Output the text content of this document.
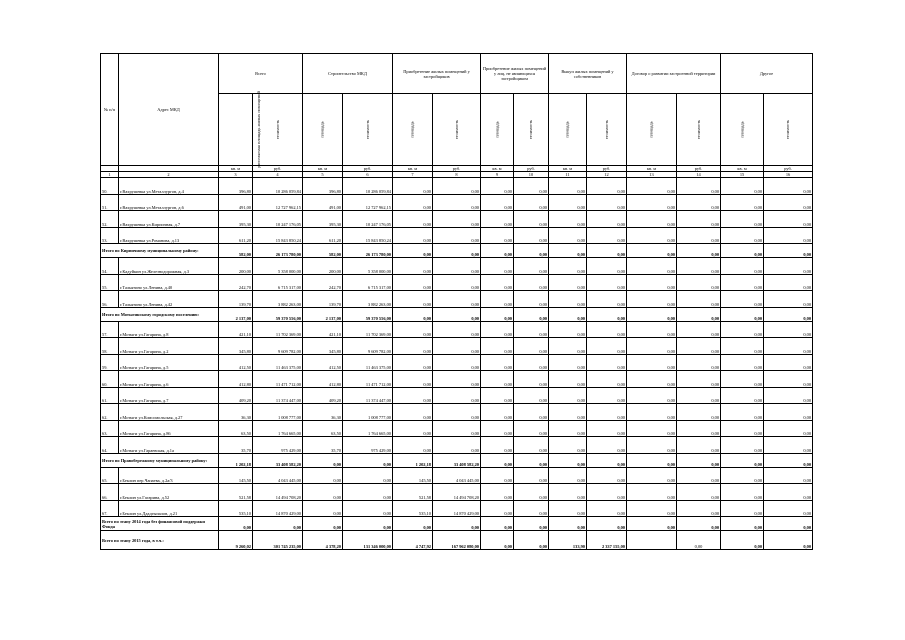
№ п/п	Адрес МКД	Всего		Строительство МКД		Приобретение жилых помещений у застройщиков		Приобретение жилых помещений у лиц, не являющихся застройщиком		Выкуп жилых помещений у собственников		Договор о развитии застроенной территории		Другое	
		расселяемая площадь жилых помещений	стоимость	площадь	стоимость	площадь	стоимость	площадь	стоимость	площадь	стоимость	площадь	стоимость	площадь	стоимость
		кв. м	руб.	кв. м	руб.	кв. м	руб.	кв. м	руб.	кв. м	руб.	кв. м	руб.	кв. м	руб.
1	2	3	4	5	6	7	8	9	10	11	12	13	14	15	16
50.	г.Вахрушевка ул.Металлургов, д.4	396,80	10 286 059,84	396,80	10 286 059,84	0,00	0,00	0,00	0,00	0,00	0,00	0,00	0,00	0,00	0,00
51.	г.Вахрушевка ул.Металлургов, д.6	491,00	12 727 962,15	491,00	12 727 962,15	0,00	0,00	0,00	0,00	0,00	0,00	0,00	0,00	0,00	0,00
52.	г.Вахрушевка ул.Кирпичная, д.7	395,30	10 247 176,05	395,30	10 247 176,05	0,00	0,00	0,00	0,00	0,00	0,00	0,00	0,00	0,00	0,00
53.	г.Вахрушевка ул.Романова, д.13	611,20	15 843 850,24	611,20	15 843 850,24	0,00	0,00	0,00	0,00	0,00	0,00	0,00	0,00	0,00	0,00
Итого по Кирпичному муниципальному району:		582,00	26 173 780,00	582,00	26 173 780,00	0,00	0,00	0,00	0,00	0,00	0,00	0,00	0,00	0,00	0,00
54.	г.Кадуйкин ул.Железнодорожная, д.3	200,00	5 358 000,00	200,00	5 358 000,00	0,00	0,00	0,00	0,00	0,00	0,00	0,00	0,00	0,00	0,00
55.	г.Тальятино ул.Ленина, д.40	242,70	6 715 317,00	242,70	6 715 317,00	0,00	0,00	0,00	0,00	0,00	0,00	0,00	0,00	0,00	0,00
56.	г.Тальятино ул.Ленина, д.42	139,70	3 882 263,00	139,70	3 882 263,00	0,00	0,00	0,00	0,00	0,00	0,00	0,00	0,00	0,00	0,00
Итого по Мотыгинскому городскому поселению:		2 137,00	59 370 556,00	2 137,00	59 370 556,00	0,00	0,00	0,00	0,00	0,00	0,00	0,00	0,00	0,00	0,00
57.	г.Мотыги ул.Гагарина, д.8	421,10	11 702 369,00	421,10	11 702 369,00	0,00	0,00	0,00	0,00	0,00	0,00	0,00	0,00	0,00	0,00
58.	г.Мотыги ул.Гагарина, д.2	345,80	9 609 782,00	345,80	9 609 782,00	0,00	0,00	0,00	0,00	0,00	0,00	0,00	0,00	0,00	0,00
59.	г.Мотыги ул.Гагарина, д.5	412,50	11 463 375,00	412,50	11 463 375,00	0,00	0,00	0,00	0,00	0,00	0,00	0,00	0,00	0,00	0,00
60.	г.Мотыги ул.Гагарина, д.6	412,80	11 471 712,00	412,80	11 471 712,00	0,00	0,00	0,00	0,00	0,00	0,00	0,00	0,00	0,00	0,00
61.	г.Мотыги ул.Гагарина, д.7	409,20	11 374 447,00	409,20	11 374 447,00	0,00	0,00	0,00	0,00	0,00	0,00	0,00	0,00	0,00	0,00
62.	г.Мотыги ул.Комсомольская, д.27	36,30	1 008 777,00	36,30	1 008 777,00	0,00	0,00	0,00	0,00	0,00	0,00	0,00	0,00	0,00	0,00
63.	г.Мотыги ул.Гагарина, д.86	63,50	1 764 665,00	63,50	1 764 665,00	0,00	0,00	0,00	0,00	0,00	0,00	0,00	0,00	0,00	0,00
64.	г.Мотыги ул.Гараевская, д.1а	35,70	975 429,00	35,70	975 429,00	0,00	0,00	0,00	0,00	0,00	0,00	0,00	0,00	0,00	0,00
Итого по Правобережному муниципальному району:		1 202,18	33 408 582,20	0,00	0,00	1 202,18	33 408 582,20	0,00	0,00	0,00	0,00	0,00	0,00	0,00	0,00
65.	г.Беклин пер.Чапаева, д.2а/3	145,50	4 043 445,00	0,00	0,00	145,50	4 043 445,00	0,00	0,00	0,00	0,00	0,00	0,00	0,00	0,00
66.	г.Беклин ул.Гагарина, д.52	521,58	14 494 708,20	0,00	0,00	521,58	14 494 708,20	0,00	0,00	0,00	0,00	0,00	0,00	0,00	0,00
67.	г.Беклин ул.Ддадгыпалов, д.21	535,10	14 870 429,00	0,00	0,00	535,10	14 870 429,00	0,00	0,00	0,00	0,00	0,00	0,00	0,00	0,00
Всего по этапу 2014 года без финансовой поддержки Фонда		0,00	0,00	0,00	0,00	0,00	0,00	0,00	0,00	0,00	0,00	0,00	0,00	0,00	0,00
Всего по этапу 2015 года, в т.ч.:		9 260,02	301 745 235,00	4 378,20	131 346 000,00	4 747,92	167 962 080,00	0,00	0,00	133,90	2 337 155,00		0,00	0,00	0,00
